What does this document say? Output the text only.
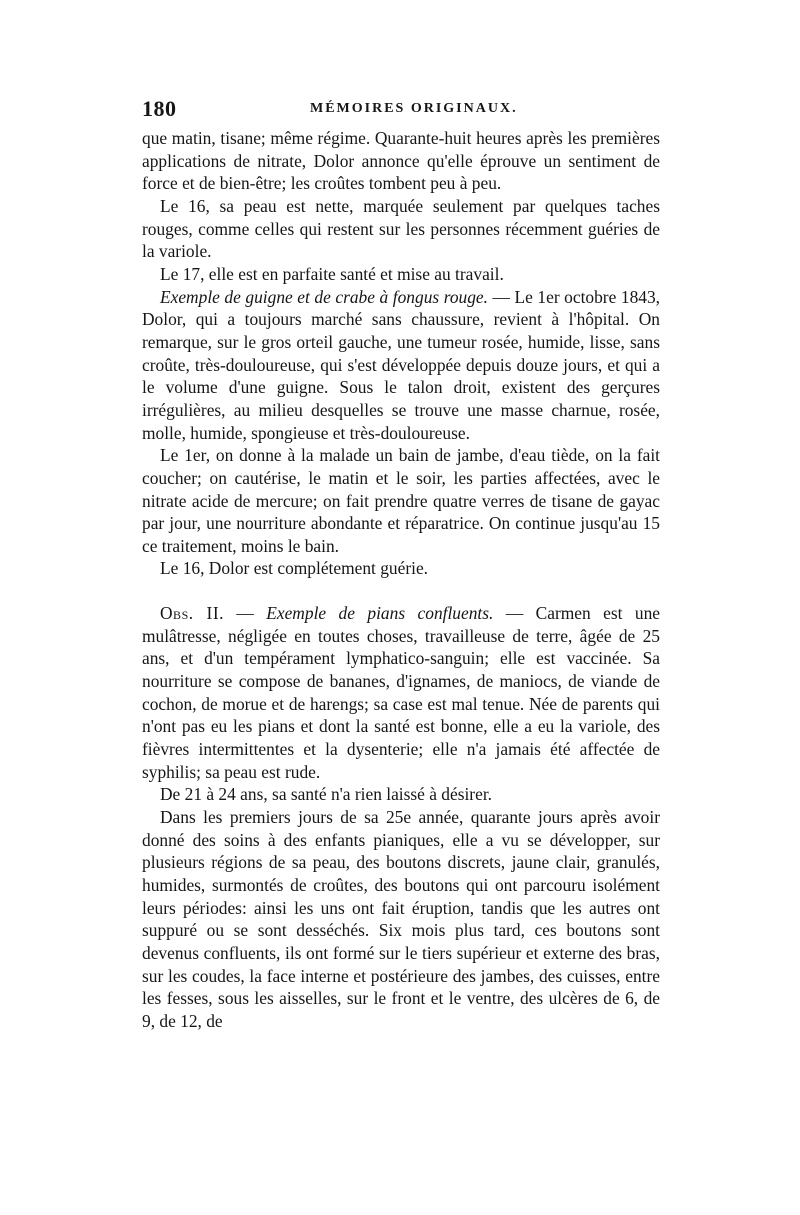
180	MÉMOIRES ORIGINAUX.

que matin, tisane; même régime. Quarante-huit heures après les premières applications de nitrate, Dolor annonce qu'elle éprouve un sentiment de force et de bien-être; les croûtes tombent peu à peu.

Le 16, sa peau est nette, marquée seulement par quelques taches rouges, comme celles qui restent sur les personnes récemment guéries de la variole.

Le 17, elle est en parfaite santé et mise au travail.

Exemple de guigne et de crabe à fongus rouge. — Le 1er octobre 1843, Dolor, qui a toujours marché sans chaussure, revient à l'hôpital. On remarque, sur le gros orteil gauche, une tumeur rosée, humide, lisse, sans croûte, très-douloureuse, qui s'est développée depuis douze jours, et qui a le volume d'une guigne. Sous le talon droit, existent des gerçures irrégulières, au milieu desquelles se trouve une masse charnue, rosée, molle, humide, spongieuse et très-douloureuse.

Le 1er, on donne à la malade un bain de jambe, d'eau tiède, on la fait coucher; on cautérise, le matin et le soir, les parties affectées, avec le nitrate acide de mercure; on fait prendre quatre verres de tisane de gayac par jour, une nourriture abondante et réparatrice. On continue jusqu'au 15 ce traitement, moins le bain.

Le 16, Dolor est complétement guérie.

Obs. II. — Exemple de pians confluents. — Carmen est une mulâtresse, négligée en toutes choses, travailleuse de terre, âgée de 25 ans, et d'un tempérament lymphatico-sanguin; elle est vaccinée. Sa nourriture se compose de bananes, d'ignames, de maniocs, de viande de cochon, de morue et de harengs; sa case est mal tenue. Née de parents qui n'ont pas eu les pians et dont la santé est bonne, elle a eu la variole, des fièvres intermittentes et la dysenterie; elle n'a jamais été affectée de syphilis; sa peau est rude.

De 21 à 24 ans, sa santé n'a rien laissé à désirer.

Dans les premiers jours de sa 25e année, quarante jours après avoir donné des soins à des enfants pianiques, elle a vu se développer, sur plusieurs régions de sa peau, des boutons discrets, jaune clair, granulés, humides, surmontés de croûtes, des boutons qui ont parcouru isolément leurs périodes: ainsi les uns ont fait éruption, tandis que les autres ont suppuré ou se sont desséchés. Six mois plus tard, ces boutons sont devenus confluents, ils ont formé sur le tiers supérieur et externe des bras, sur les coudes, la face interne et postérieure des jambes, des cuisses, entre les fesses, sous les aisselles, sur le front et le ventre, des ulcères de 6, de 9, de 12, de
